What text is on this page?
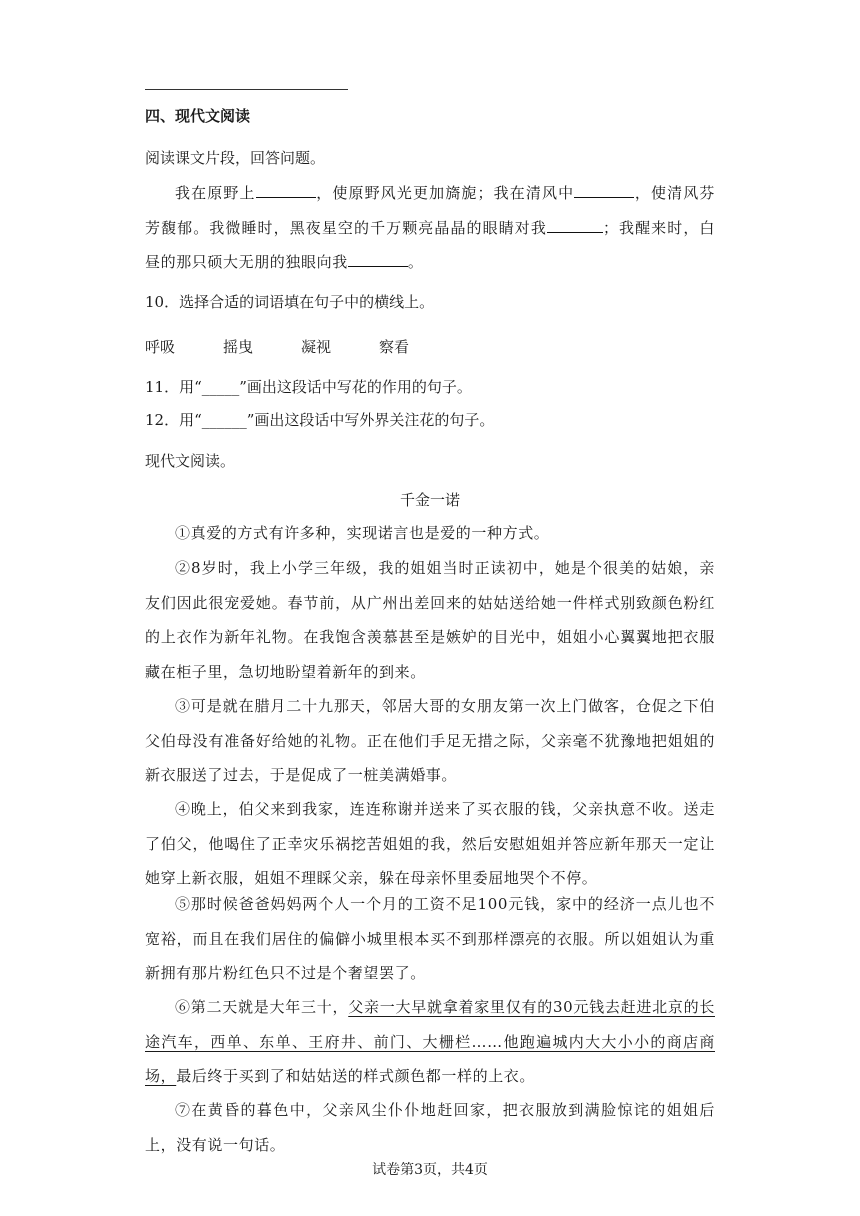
四、现代文阅读
阅读课文片段，回答问题。
我在原野上	，使原野风光更加旖旎；我在清风中	，使清风芬芳馥郁。我微睡时，黑夜星空的千万颗亮晶晶的眼睛对我	；我醒来时，白昼的那只硕大无朋的独眼向我	。
10．选择合适的词语填在句子中的横线上。
呼吸	摇曳	凝视	察看
11．用“_____”画出这段话中写花的作用的句子。
12．用“______”画出这段话中写外界关注花的句子。
现代文阅读。
千金一诺
①真爱的方式有许多种，实现诺言也是爱的一种方式。
②8岁时，我上小学三年级，我的姐姐当时正读初中，她是个很美的姑娘，亲友们因此很宠爱她。春节前，从广州出差回来的姑姑送给她一件样式别致颜色粉红的上衣作为新年礼物。在我饱含羡慕甚至是嫉妒的目光中，姐姐小心翼翼地把衣服藏在柜子里，急切地盼望着新年的到来。
③可是就在腊月二十九那天，邻居大哥的女朋友第一次上门做客，仓促之下伯父伯母没有准备好给她的礼物。正在他们手足无措之际，父亲毫不犹豫地把姐姐的新衣服送了过去，于是促成了一桩美满婚事。
④晚上，伯父来到我家，连连称谢并送来了买衣服的钱，父亲执意不收。送走了伯父，他喝住了正幸灾乐祸挖苦姐姐的我，然后安慰姐姐并答应新年那天一定让她穿上新衣服，姐姐不理睬父亲，躲在母亲怀里委屈地哭个不停。
⑤那时候爸爸妈妈两个人一个月的工资不足100元钱，家中的经济一点儿也不宽裕，而且在我们居住的偏僻小城里根本买不到那样漂亮的衣服。所以姐姐认为重新拥有那片粉红色只不过是个奢望罢了。
⑥第二天就是大年三十，父亲一大早就拿着家里仅有的30元钱去赶进北京的长途汽车，西单、东单、王府井、前门、大栅栏……他跑遍城内大大小小的商店商场，最后终于买到了和姑姑送的样式颜色都一样的上衣。
⑦在黄昏的暮色中，父亲风尘仆仆地赶回家，把衣服放到满脸惊诧的姐姐后上，没有说一句话。
试卷第3页，共4页
